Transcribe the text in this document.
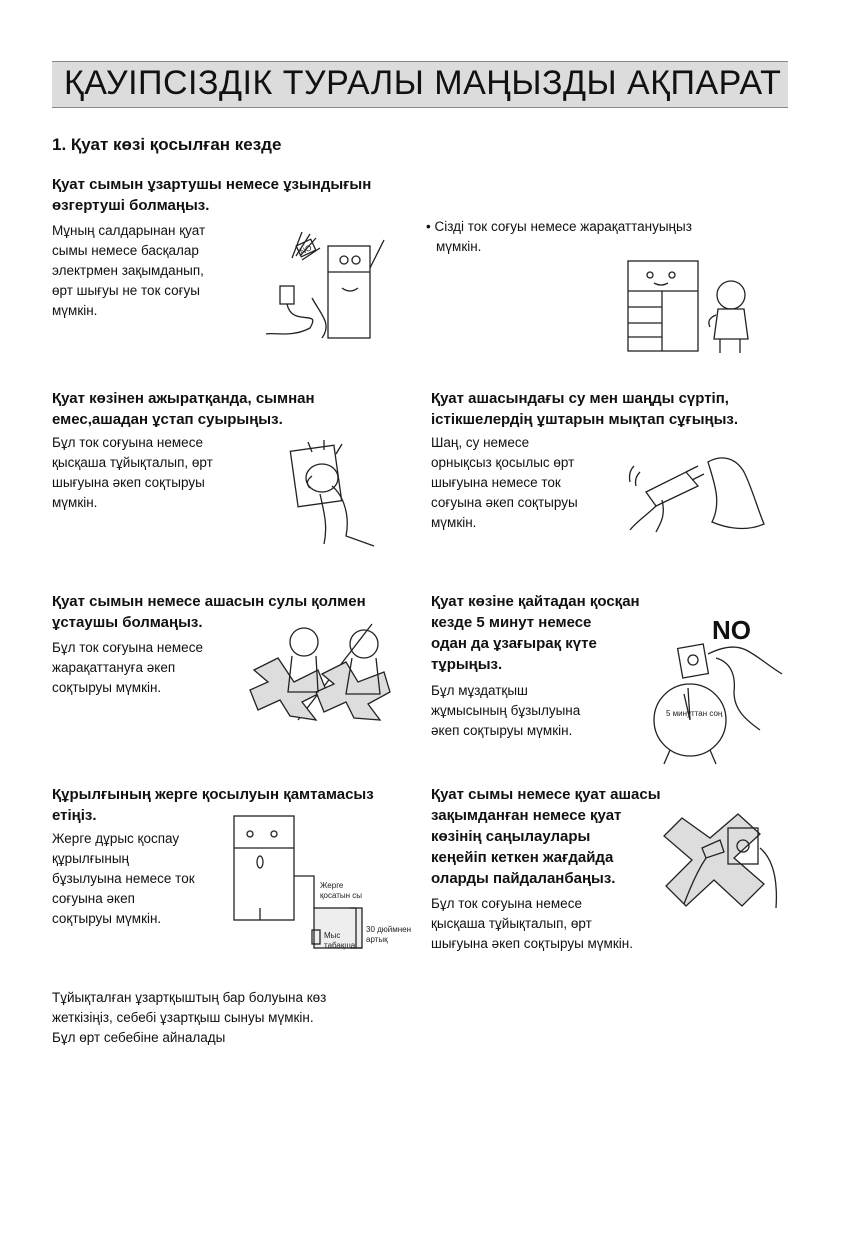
ҚАУІПСІЗДІК ТУРАЛЫ МАҢЫЗДЫ АҚПАРАТ
1. Қуат көзі қосылған кезде
Қуат сымын ұзартушы немесе ұзындығын
өзгертуші болмаңыз.
Мұның салдарынан қуат
сымы немесе басқалар
электрмен зақымданып,
өрт шығуы не ток соғуы
мүмкін.
NO
• Сізді ток соғуы немесе жарақаттануыңыз
мүмкін.
Қуат көзінен ажыратқанда, сымнан
емес,ашадан ұстап суырыңыз.
Бұл ток соғуына немесе
қысқаша тұйықталып, өрт
шығуына әкеп соқтыруы
мүмкін.
Қуат ашасындағы су мен шаңды сүртіп,
істікшелердің ұштарын мықтап сұғыңыз.
Шаң, су немесе
орнықсыз қосылыс өрт
шығуына немесе ток
соғуына әкеп соқтыруы
мүмкін.
Қуат сымын немесе ашасын сулы қолмен
ұстаушы болмаңыз.
Бұл ток соғуына немесе
жарақаттануға әкеп
соқтыруы мүмкін.
Қуат көзіне қайтадан қосқан
кезде 5 минут немесе
одан да ұзағырақ күте
тұрыңыз.
Бұл мұздатқыш
жұмысының бұзылуына
әкеп соқтыруы мүмкін.
NO
5 минуттан соң
Құрылғының жерге қосылуын қамтамасыз
етіңіз.
Жерге дұрыс қоспау
құрылғының
бұзылуына немесе ток
соғуына әкеп
соқтыруы мүмкін.
Жерге
қосатын сы
Мыс
табақша
30 дюймнен
артық
Қуат сымы немесе қуат ашасы
зақымданған немесе қуат
көзінің саңылаулары
кеңейіп кеткен жағдайда
оларды пайдаланбаңыз.
Бұл ток соғуына немесе
қысқаша тұйықталып, өрт
шығуына әкеп соқтыруы мүмкін.
Тұйықталған ұзартқыштың бар болуына көз
жеткізіңіз, себебі ұзартқыш сынуы мүмкін.
Бұл өрт себебіне айналады
